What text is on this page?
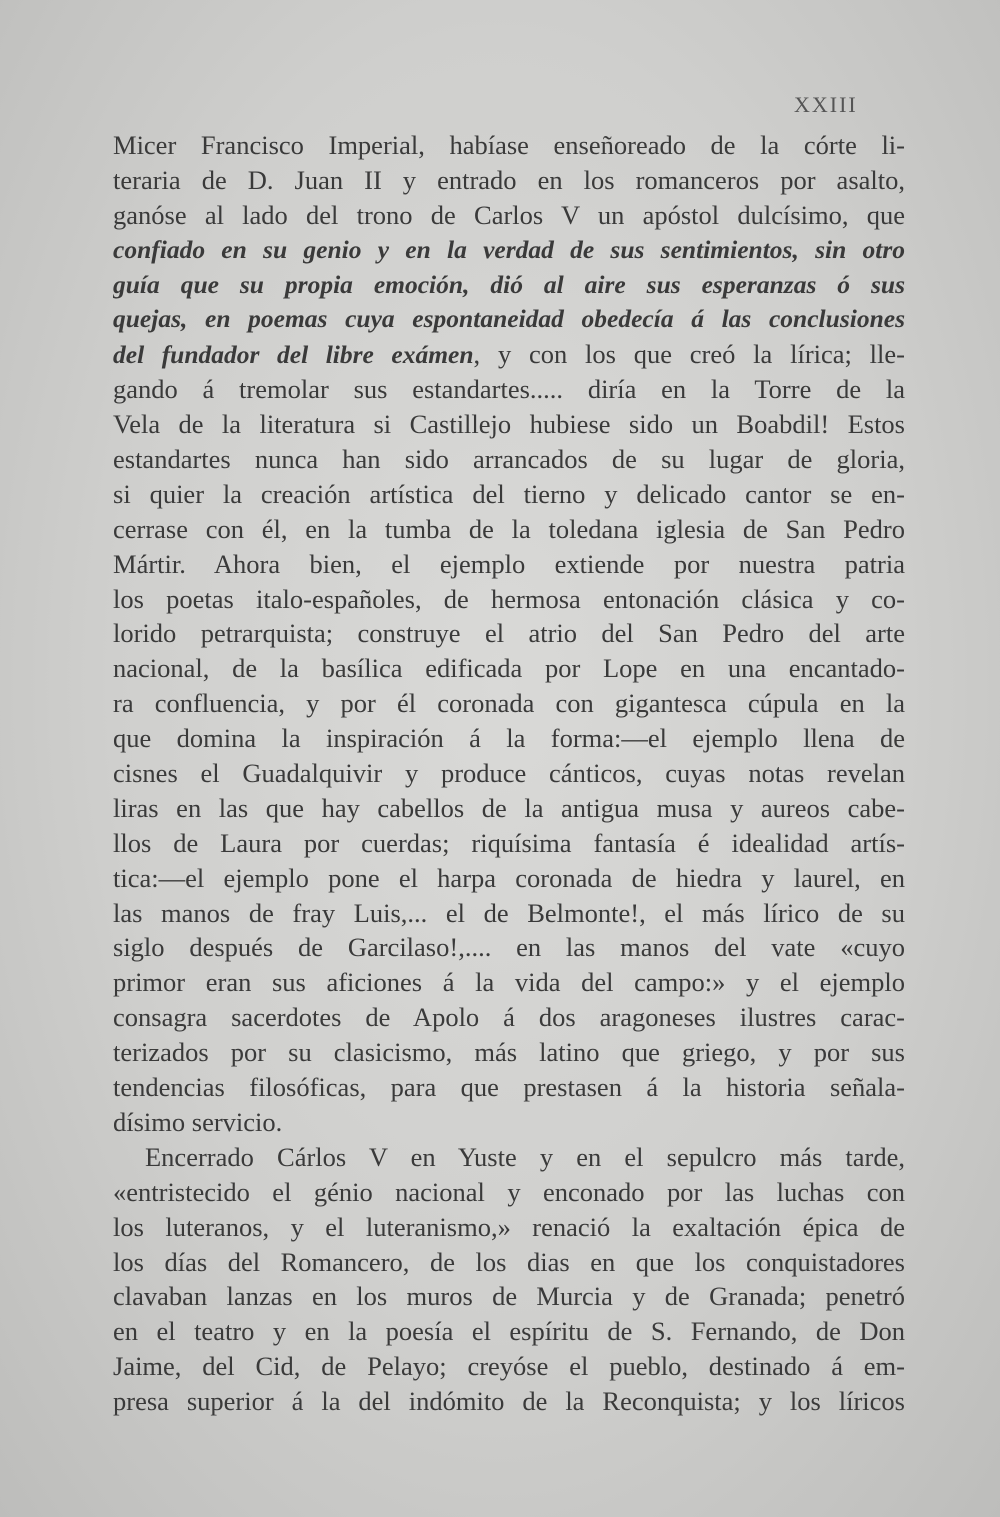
XXIII
Micer Francisco Imperial, habíase enseñoreado de la córte li-
teraria de D. Juan II y entrado en los romanceros por asalto,
ganóse al lado del trono de Carlos V un apóstol dulcísimo, que
confiado en su genio y en la verdad de sus sentimientos, sin otro
guía que su propia emoción, dió al aire sus esperanzas ó sus
quejas, en poemas cuya espontaneidad obedecía á las conclusiones
del fundador del libre exámen, y con los que creó la lírica; lle-
gando á tremolar sus estandartes..... diría en la Torre de la
Vela de la literatura si Castillejo hubiese sido un Boabdil! Estos
estandartes nunca han sido arrancados de su lugar de gloria,
si quier la creación artística del tierno y delicado cantor se en-
cerrase con él, en la tumba de la toledana iglesia de San Pedro
Mártir. Ahora bien, el ejemplo extiende por nuestra patria
los poetas italo-españoles, de hermosa entonación clásica y co-
lorido petrarquista; construye el atrio del San Pedro del arte
nacional, de la basílica edificada por Lope en una encantado-
ra confluencia, y por él coronada con gigantesca cúpula en la
que domina la inspiración á la forma:—el ejemplo llena de
cisnes el Guadalquivir y produce cánticos, cuyas notas revelan
liras en las que hay cabellos de la antigua musa y aureos cabe-
llos de Laura por cuerdas; riquísima fantasía é idealidad artís-
tica:—el ejemplo pone el harpa coronada de hiedra y laurel, en
las manos de fray Luis,... el de Belmonte!, el más lírico de su
siglo después de Garcilaso!,.... en las manos del vate «cuyo
primor eran sus aficiones á la vida del campo:» y el ejemplo
consagra sacerdotes de Apolo á dos aragoneses ilustres carac-
terizados por su clasicismo, más latino que griego, y por sus
tendencias filosóficas, para que prestasen á la historia señala-
dísimo servicio.
Encerrado Cárlos V en Yuste y en el sepulcro más tarde,
«entristecido el génio nacional y enconado por las luchas con
los luteranos, y el luteranismo,» renació la exaltación épica de
los días del Romancero, de los dias en que los conquistadores
clavaban lanzas en los muros de Murcia y de Granada; penetró
en el teatro y en la poesía el espíritu de S. Fernando, de Don
Jaime, del Cid, de Pelayo; creyóse el pueblo, destinado á em-
presa superior á la del indómito de la Reconquista; y los líricos
